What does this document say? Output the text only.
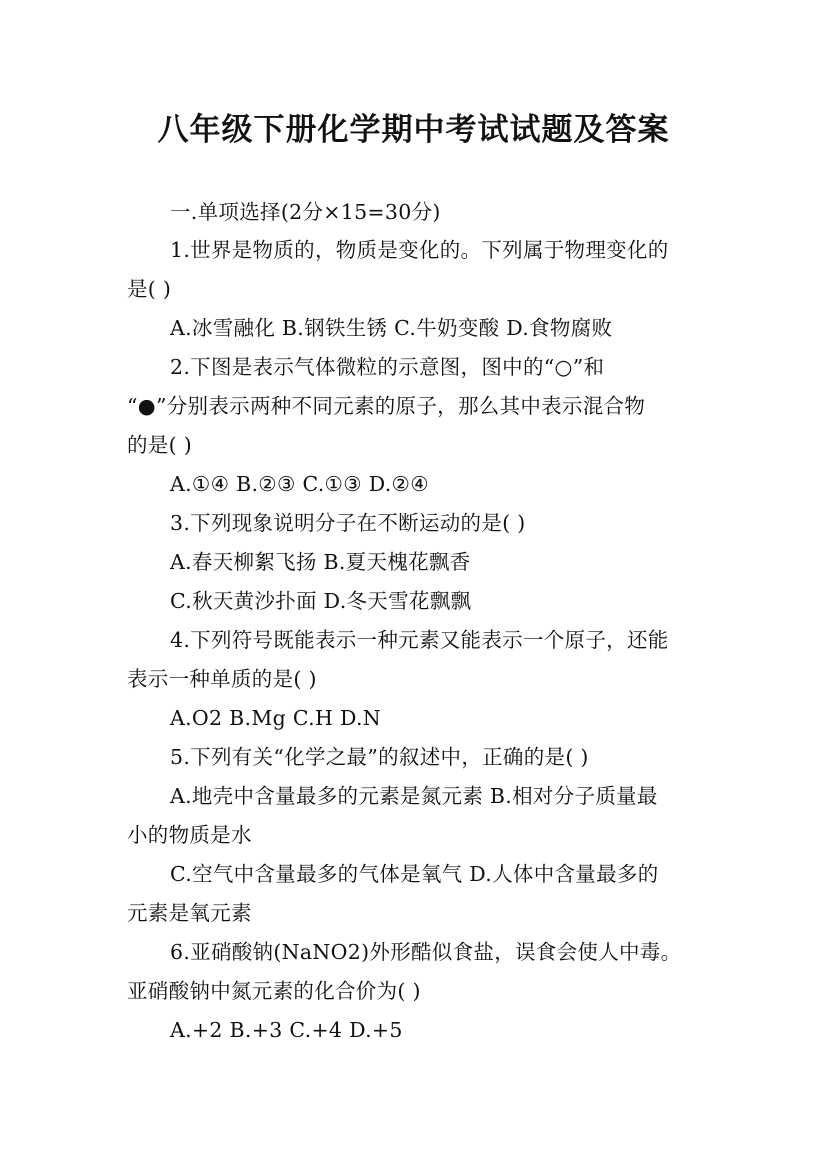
八年级下册化学期中考试试题及答案
一.单项选择(2分×15=30分)
1.世界是物质的，物质是变化的。下列属于物理变化的
是( )
A.冰雪融化 B.钢铁生锈 C.牛奶变酸 D.食物腐败
2.下图是表示气体微粒的示意图，图中的“○”和
“●”分别表示两种不同元素的原子，那么其中表示混合物
的是( )
A.①④ B.②③ C.①③ D.②④
3.下列现象说明分子在不断运动的是( )
A.春天柳絮飞扬 B.夏天槐花飘香
C.秋天黄沙扑面 D.冬天雪花飘飘
4.下列符号既能表示一种元素又能表示一个原子，还能
表示一种单质的是( )
A.O2 B.Mg C.H D.N
5.下列有关“化学之最”的叙述中，正确的是( )
A.地壳中含量最多的元素是氮元素 B.相对分子质量最
小的物质是水
C.空气中含量最多的气体是氧气 D.人体中含量最多的
元素是氧元素
6.亚硝酸钠(NaNO2)外形酷似食盐，误食会使人中毒。
亚硝酸钠中氮元素的化合价为( )
A.+2 B.+3 C.+4 D.+5
